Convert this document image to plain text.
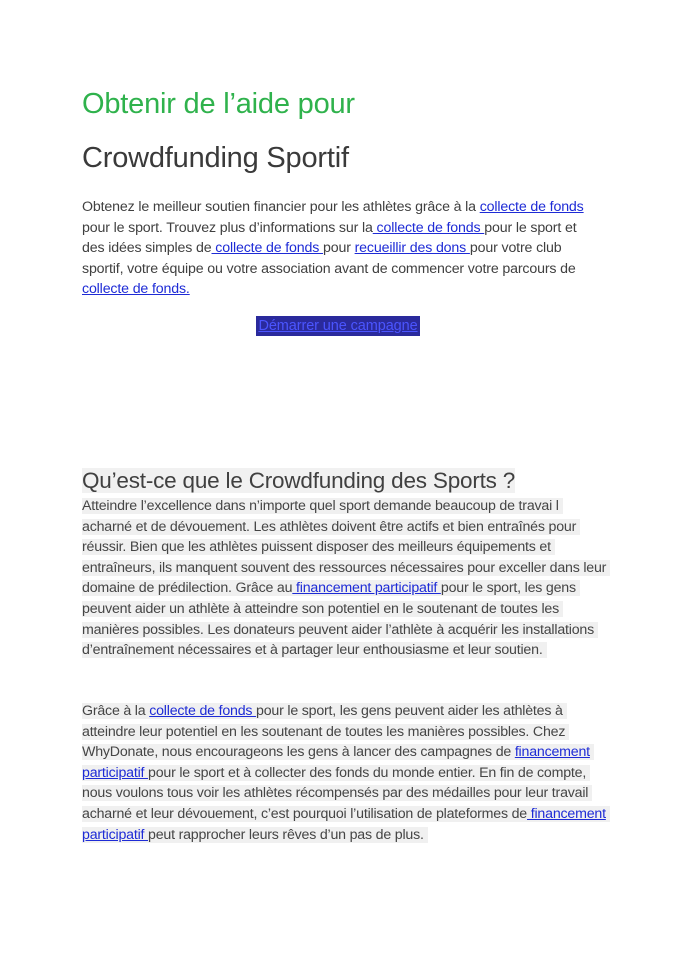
Obtenir de l’aide pour
Crowdfunding Sportif

Obtenez le meilleur soutien financier pour les athlètes grâce à la collecte de fonds pour le sport. Trouvez plus d’informations sur la collecte de fonds pour le sport et des idées simples de collecte de fonds pour recueillir des dons pour votre club sportif, votre équipe ou votre association avant de commencer votre parcours de collecte de fonds.

Démarrer une campagne
Qu’est-ce que le Crowdfunding des Sports ?

Atteindre l’excellence dans n’importe quel sport demande beaucoup de travai l acharné et de dévouement. Les athlètes doivent être actifs et bien entraînés pour réussir. Bien que les athlètes puissent disposer des meilleurs équipements et entraîneurs, ils manquent souvent des ressources nécessaires pour exceller dans leur domaine de prédilection. Grâce au financement participatif pour le sport, les gens peuvent aider un athlète à atteindre son potentiel en le soutenant de toutes les manières possibles. Les donateurs peuvent aider l’athlète à acquérir les installations d’entraînement nécessaires et à partager leur enthousiasme et leur soutien.

Grâce à la collecte de fonds pour le sport, les gens peuvent aider les athlètes à atteindre leur potentiel en les soutenant de toutes les manières possibles. Chez WhyDonate, nous encourageons les gens à lancer des campagnes de financement participatif pour le sport et à collecter des fonds du monde entier. En fin de compte, nous voulons tous voir les athlètes récompensés par des médailles pour leur travail acharné et leur dévouement, c’est pourquoi l’utilisation de plateformes de financement participatif peut rapprocher leurs rêves d’un pas de plus.
